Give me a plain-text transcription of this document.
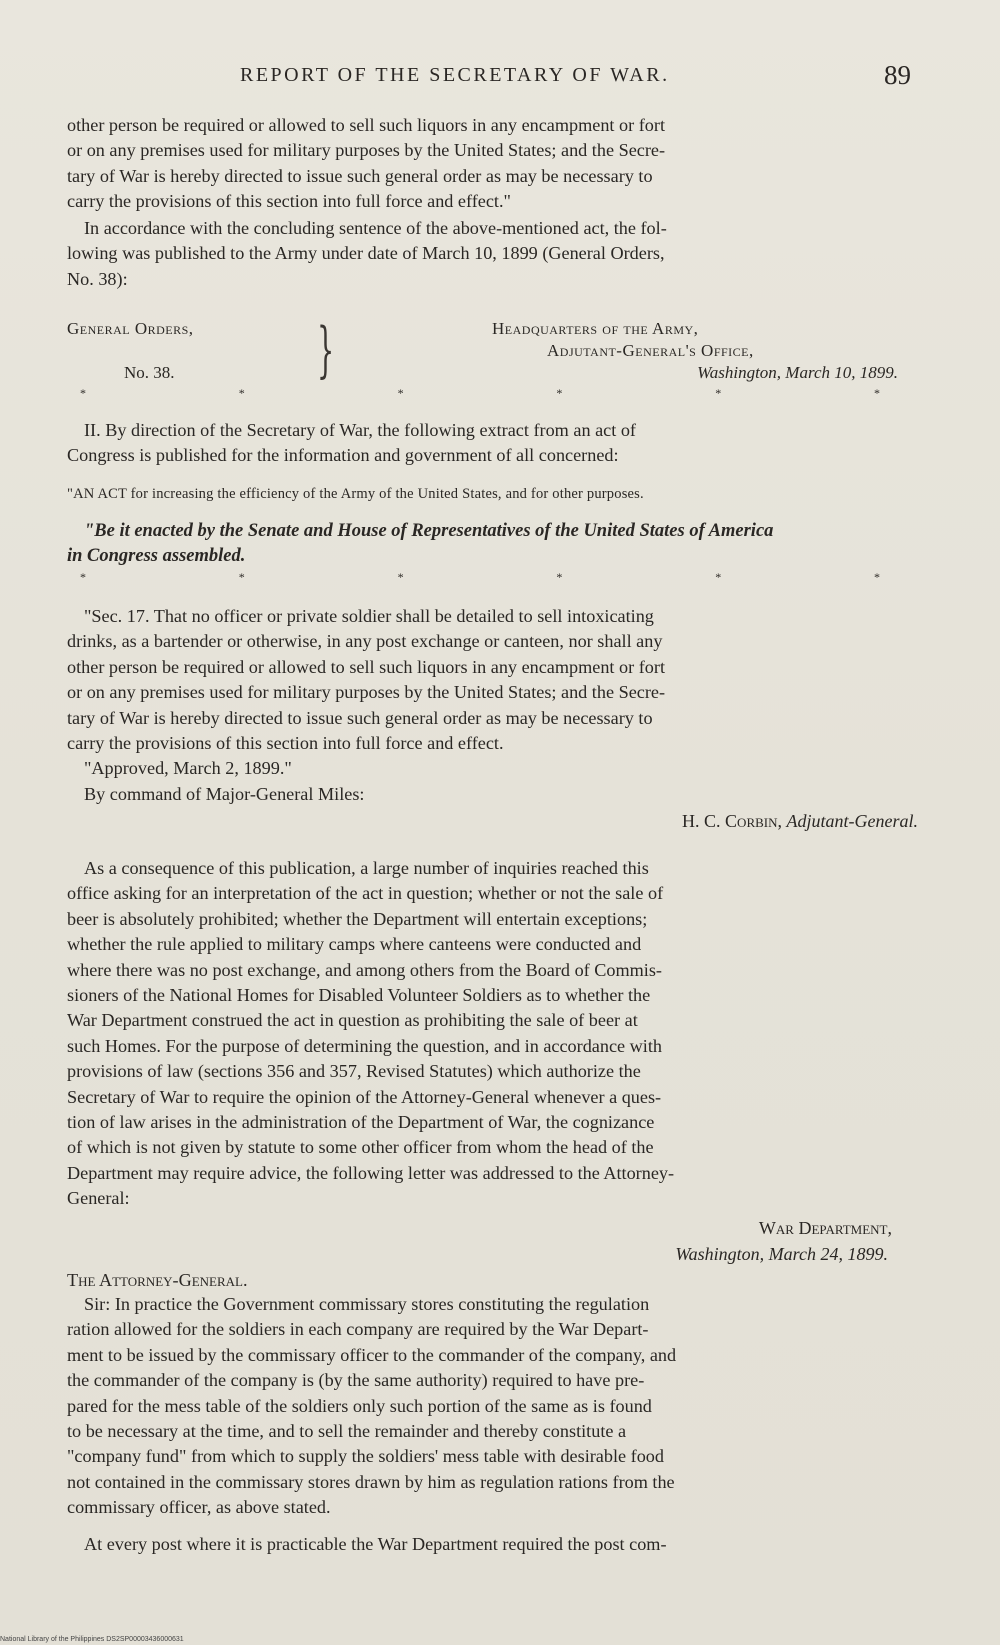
REPORT OF THE SECRETARY OF WAR.	89
other person be required or allowed to sell such liquors in any encampment or fort
or on any premises used for military purposes by the United States; and the Secre-
tary of War is hereby directed to issue such general order as may be necessary to
carry the provisions of this section into full force and effect."
In accordance with the concluding sentence of the above-mentioned act, the fol-
lowing was published to the Army under date of March 10, 1899 (General Orders,
No. 38):
General Orders,
No. 38. }	Headquarters of the Army,
Adjutant-General's Office,
Washington, March 10, 1899.
*	*	*	*	*	*
II. By direction of the Secretary of War, the following extract from an act of
Congress is published for the information and government of all concerned:
"AN ACT for increasing the efficiency of the Army of the United States, and for other purposes.

"Be it enacted by the Senate and House of Representatives of the United States of America

in Congress assembled.
*	*	*	*	*	*
"Sec. 17. That no officer or private soldier shall be detailed to sell intoxicating
drinks, as a bartender or otherwise, in any post exchange or canteen, nor shall any
other person be required or allowed to sell such liquors in any encampment or fort
or on any premises used for military purposes by the United States; and the Secre-
tary of War is hereby directed to issue such general order as may be necessary to
carry the provisions of this section into full force and effect.
"Approved, March 2, 1899."
By command of Major-General Miles:
H. C. Corbin, Adjutant-General.
As a consequence of this publication, a large number of inquiries reached this
office asking for an interpretation of the act in question; whether or not the sale of
beer is absolutely prohibited; whether the Department will entertain exceptions;
whether the rule applied to military camps where canteens were conducted and
where there was no post exchange, and among others from the Board of Commis-
sioners of the National Homes for Disabled Volunteer Soldiers as to whether the
War Department construed the act in question as prohibiting the sale of beer at
such Homes. For the purpose of determining the question, and in accordance with
provisions of law (sections 356 and 357, Revised Statutes) which authorize the
Secretary of War to require the opinion of the Attorney-General whenever a ques-
tion of law arises in the administration of the Department of War, the cognizance
of which is not given by statute to some other officer from whom the head of the
Department may require advice, the following letter was addressed to the Attorney-
General:
War Department,
Washington, March 24, 1899.
The Attorney-General.
Sir: In practice the Government commissary stores constituting the regulation
ration allowed for the soldiers in each company are required by the War Depart-
ment to be issued by the commissary officer to the commander of the company, and
the commander of the company is (by the same authority) required to have pre-
pared for the mess table of the soldiers only such portion of the same as is found
to be necessary at the time, and to sell the remainder and thereby constitute a
"company fund" from which to supply the soldiers' mess table with desirable food
not contained in the commissary stores drawn by him as regulation rations from the
commissary officer, as above stated.
At every post where it is practicable the War Department required the post com-
National Library of the Philippines DS2SP00003436000631
